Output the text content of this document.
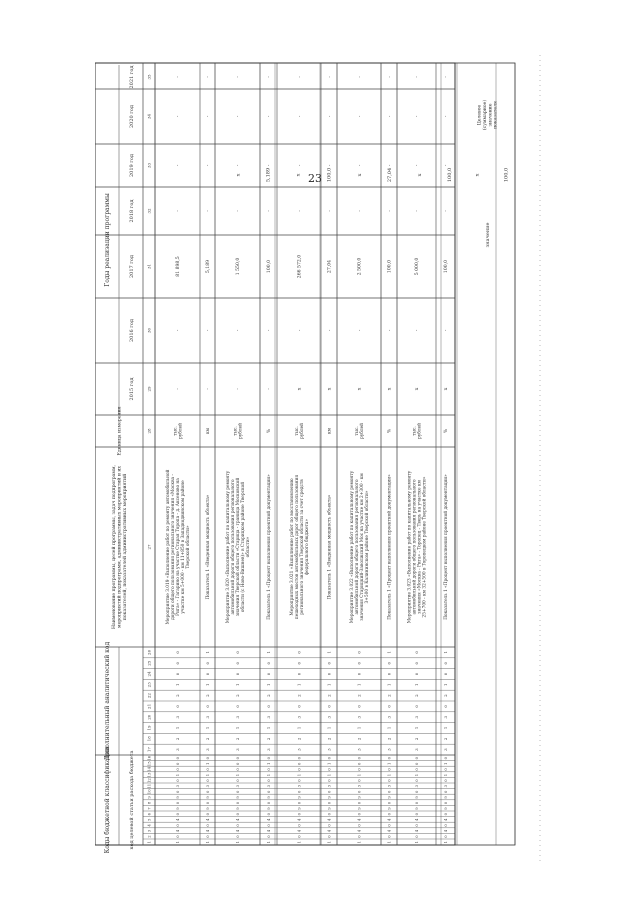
23
Коды бюджетной классификации	код целевой статьи расхода бюджета
Дополнительный аналитический код
Наименование программы, целей программы, задач подпрограмм,мероприятий подпрограмм, административных мероприятий и ихпоказателей, показателей административных мероприятий
Единица измерения
Годы реализации программы
2015 год
2016 год
2017 год
2018 год
2019 год
2020 год
2021 год
Целевое(суммарное)значениепоказателя
значение
1
2
3
4
5
6
7
8
9
10
11
12
13
14
15
16
17
18
19
20
21
22
23
24
25
26
27
28
29
30
31
32
33
34
35
1
0
4
0
4
0
9
0
9
0
3
0
1
0
0
0
3
2
1
3
0
2
1
0
0
0
Мероприятие 3.019 «Выполнение работ по ремонту автомобильнойдороги общего пользования регионального значения «Москва -Рига» - Гагарино на участке Старая Торопа - д. Аксеново научастке км 5+000 - км 11+850 в Западнодвинском районеТверской области»
тыс.рублей
-
-
81 898,5
-
-
-
-
х
1
0
4
0
4
0
9
0
9
0
3
0
1
0
1
0
3
2
1
3
0
2
1
0
0
1
Показатель 1 «Введенная мощность объекта»
км
-
-
5,189
-
-
-
-
5,189
1
0
4
0
4
0
9
0
9
0
3
0
1
0
0
0
3
2
1
3
0
2
1
0
0
0
Мероприятие 3.020 «Выполнение работ по капитальному ремонтуавтомобильной дороги общего пользования региональногозначения Тверской области «Старица - граница Московскойобласти (с Ново-Вишнев)» в Старицком районе Тверскойобласти»
тыс.рублей
-
-
1 550,0
-
-
-
-
х
1
0
4
0
4
0
9
0
9
0
3
0
1
0
1
0
3
2
1
3
0
2
1
0
0
1
Показатель 1 «Процент выполнения проектной документации»
%
-
-
100,0
-
-
-
-
100,0
1
0
4
0
4
0
9
0
9
0
3
0
1
0
0
0
3
2
1
3
0
2
1
0
0
0
Мероприятие 3.021 «Выполнение работ по восстановлениюпешеходных мостов автомобильных дорог общего пользованиярегионального значения Тверской области за счет средствфедерального бюджета»
тыс.рублей
х
-
266 572,0
-
-
-
-
х
1
0
4
0
4
0
9
0
9
0
3
0
1
0
1
0
3
2
1
3
0
2
1
0
0
1
Показатель 1 «Введенная мощность объекта»
км
х
-
27,04
-
-
-
-
27,04
1
0
4
0
4
0
9
0
9
0
3
0
1
0
0
0
3
2
1
3
0
2
1
0
0
0
Мероприятие 3.022 «Выполнение работ по капитальному ремонтуавтомобильной дороги общего пользования региональногозначения Старицкий-Заволжский Мос на участке км 2+300 - км3+500 в Калининском районе Тверской области»
тыс.рублей
х
-
2 500,0
-
-
-
-
х
1
0
4
0
4
0
9
0
9
0
3
0
1
0
1
0
3
2
1
3
0
2
1
0
0
1
Показатель 1 «Процент выполнения проектной документации»
%
х
-
100,0
-
-
-
-
100,0
1
0
4
0
4
0
9
0
9
0
3
0
1
0
0
0
3
2
1
3
0
2
1
0
0
0
Мероприятие 3.023 «Выполнение работ по капитальному ремонтуавтомобильной дороги общего пользования региональногозначения «Москва - Рига» - Торопец - Тверь на участке км25+700 - км 32+500 в Торопецком районе Тверской области»
тыс.рублей
х
-
5 000,0
-
-
-
-
х
1
0
4
0
4
0
9
0
9
0
3
0
1
0
1
0
3
2
1
3
0
2
1
0
0
1
Показатель 1 «Процент выполнения проектной документации»
%
х
-
100,0
-
-
-
-
100,0
